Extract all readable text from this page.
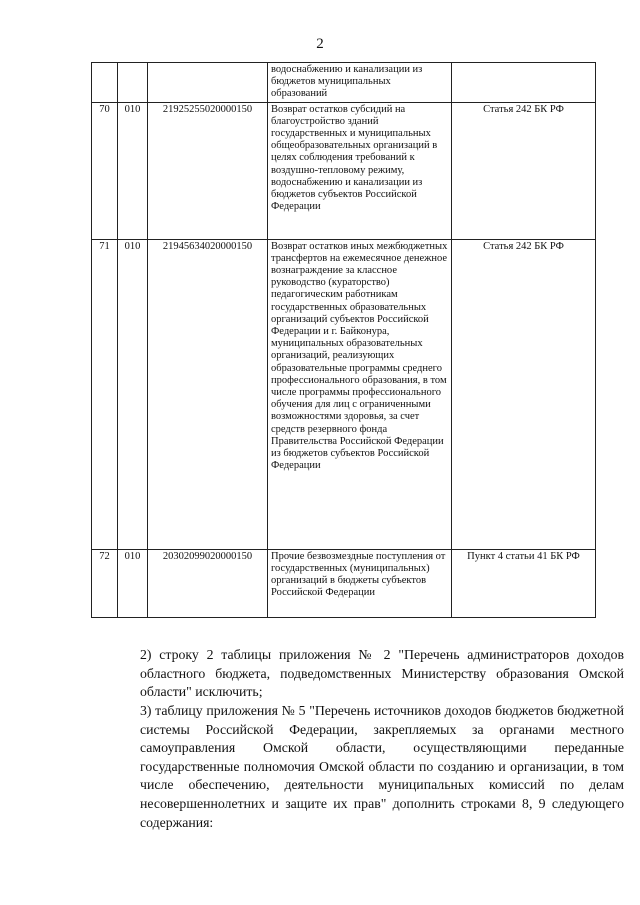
2
			водоснабжению и канализации из бюджетов муниципальных образований	
70	010	21925255020000150	Возврат остатков субсидий на благоустройство зданий государственных и муниципальных общеобразовательных организаций в целях соблюдения требований к воздушно-тепловому режиму, водоснабжению и канализации из бюджетов субъектов Российской Федерации	Статья 242 БК РФ
71	010	21945634020000150	Возврат остатков иных межбюджетных трансфертов на ежемесячное денежное вознаграждение за классное руководство (кураторство) педагогическим работникам государственных образовательных организаций субъектов Российской Федерации и г. Байконура, муниципальных образовательных организаций, реализующих образовательные программы среднего профессионального образования, в том числе программы профессионального обучения для лиц с ограниченными возможностями здоровья, за счет средств резервного фонда Правительства Российской Федерации из бюджетов субъектов Российской Федерации	Статья 242 БК РФ
72	010	20302099020000150	Прочие безвозмездные поступления от государственных (муниципальных) организаций в бюджеты субъектов Российской Федерации	Пункт 4 статьи 41 БК РФ
2) строку 2 таблицы приложения № 2 "Перечень администраторов доходов областного бюджета, подведомственных Министерству образования Омской области" исключить;
3) таблицу приложения № 5 "Перечень источников доходов бюджетов бюджетной системы Российской Федерации, закрепляемых за органами местного самоуправления Омской области, осуществляющими переданные государственные полномочия Омской области по созданию и организации, в том числе обеспечению, деятельности муниципальных комиссий по делам несовершеннолетних и защите их прав" дополнить строками 8, 9 следующего содержания:
